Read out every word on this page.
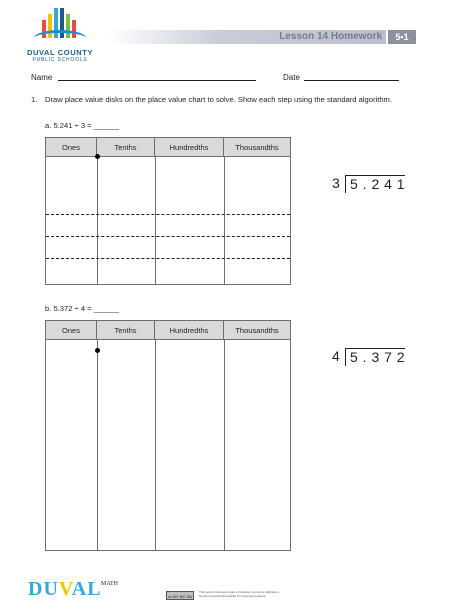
DUVAL COUNTY
PUBLIC SCHOOLS
Lesson 14 Homework	5•1
Name	Date
1. Draw place value disks on the place value chart to solve. Show each step using the standard algorithm.
a. 5.241 ÷ 3 = ______
Ones	Tenths	Hundredths	Thousandths
3 5 . 2 4 1
b. 5.372 ÷ 4 = ______
Ones	Tenths	Hundredths	Thousandths
4 5 . 3 7 2
DUVAL MATH
cc BY NC SA
This work is licensed under a Creative Commons Attribution-NonCommercial-ShareAlike 3.0 Unported License.
